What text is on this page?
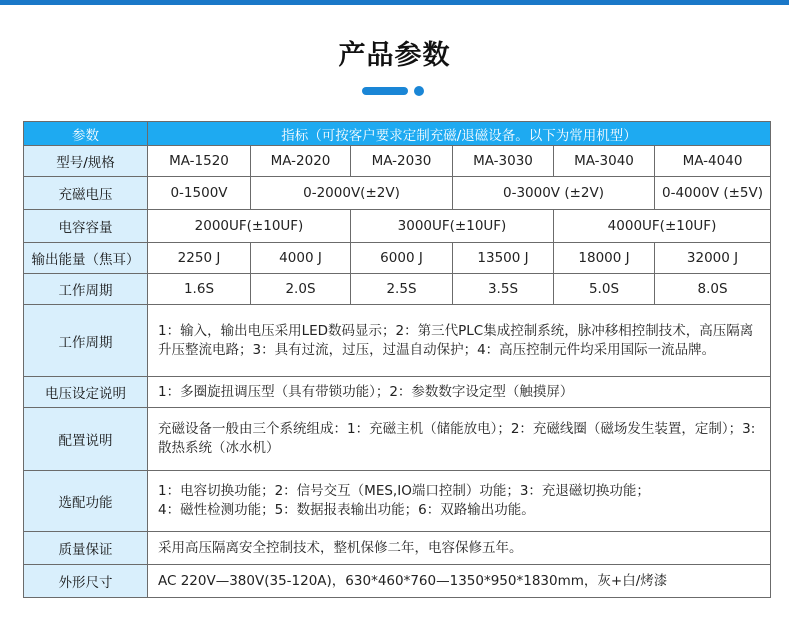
产品参数
参数	指标（可按客户要求定制充磁/退磁设备。以下为常用机型）					
型号/规格	MA-1520	MA-2020	MA-2030	MA-3030	MA-3040	MA-4040
充磁电压	0-1500V	0-2000V(±2V)		0-3000V (±2V)		0-4000V (±5V)
电容容量	2000UF(±10UF)		3000UF(±10UF)		4000UF(±10UF)	
输出能量（焦耳）	2250 J	4000 J	6000 J	13500 J	18000 J	32000 J
工作周期	1.6S	2.0S	2.5S	3.5S	5.0S	8.0S
工作周期	1：输入，输出电压采用LED数码显示；2：第三代PLC集成控制系统，脉冲移相控制技术，高压隔离升压整流电路；3：具有过流，过压，过温自动保护；4：高压控制元件均采用国际一流品牌。					
电压设定说明	1：多圈旋扭调压型（具有带锁功能）；2：参数数字设定型（触摸屏）					
配置说明	充磁设备一般由三个系统组成：1：充磁主机（储能放电）；2：充磁线圈（磁场发生装置，定制）；3: 散热系统（冰水机）					
选配功能	1：电容切换功能；2：信号交互（MES,IO端口控制）功能；3：充退磁切换功能；
4：磁性检测功能；5：数据报表输出功能；6：双路输出功能。					

质量保证	采用高压隔离安全控制技术，整机保修二年，电容保修五年。					
外形尺寸	AC 220V—380V(35-120A)，630*460*760—1350*950*1830mm，灰+白/烤漆					
